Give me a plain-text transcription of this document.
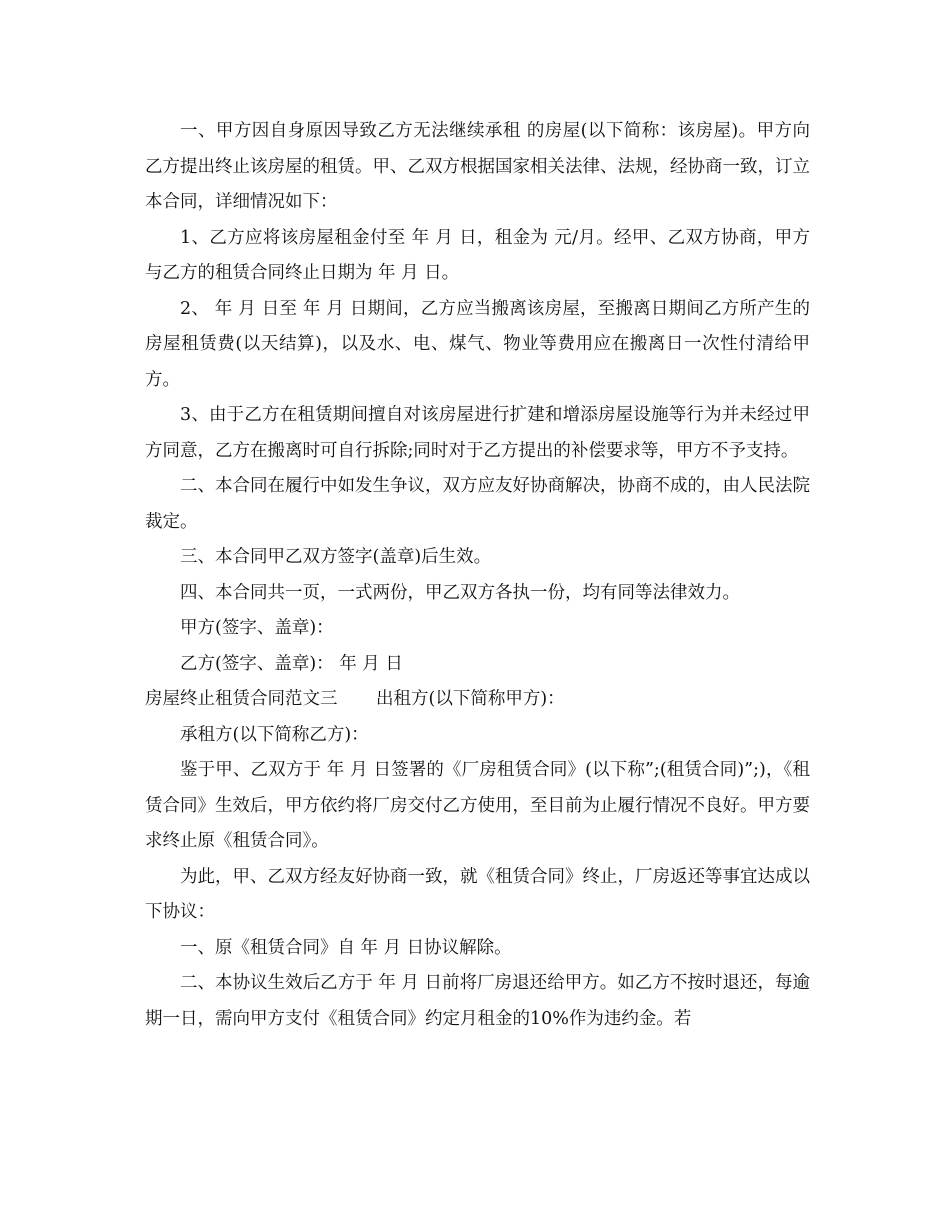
一、甲方因自身原因导致乙方无法继续承租 的房屋(以下简称：该房屋)。甲方向乙方提出终止该房屋的租赁。甲、乙双方根据国家相关法律、法规，经协商一致，订立本合同，详细情况如下：

1、乙方应将该房屋租金付至 年 月 日，租金为 元/月。经甲、乙双方协商，甲方与乙方的租赁合同终止日期为 年 月 日。

2、 年 月 日至 年 月 日期间，乙方应当搬离该房屋，至搬离日期间乙方所产生的房屋租赁费(以天结算)，以及水、电、煤气、物业等费用应在搬离日一次性付清给甲方。

3、由于乙方在租赁期间擅自对该房屋进行扩建和增添房屋设施等行为并未经过甲方同意，乙方在搬离时可自行拆除;同时对于乙方提出的补偿要求等，甲方不予支持。

二、本合同在履行中如发生争议，双方应友好协商解决，协商不成的，由人民法院裁定。

三、本合同甲乙双方签字(盖章)后生效。

四、本合同共一页，一式两份，甲乙双方各执一份，均有同等法律效力。

甲方(签字、盖章)：

乙方(签字、盖章)： 年 月 日

房屋终止租赁合同范文三 出租方(以下简称甲方)：

承租方(以下简称乙方)：

鉴于甲、乙双方于 年 月 日签署的《厂房租赁合同》(以下称”;(租赁合同)”;)，《租赁合同》生效后，甲方依约将厂房交付乙方使用，至目前为止履行情况不良好。甲方要求终止原《租赁合同》。

为此，甲、乙双方经友好协商一致，就《租赁合同》终止，厂房返还等事宜达成以下协议：

一、原《租赁合同》自 年 月 日协议解除。

二、本协议生效后乙方于 年 月 日前将厂房退还给甲方。如乙方不按时退还，每逾期一日，需向甲方支付《租赁合同》约定月租金的10%作为违约金。若
